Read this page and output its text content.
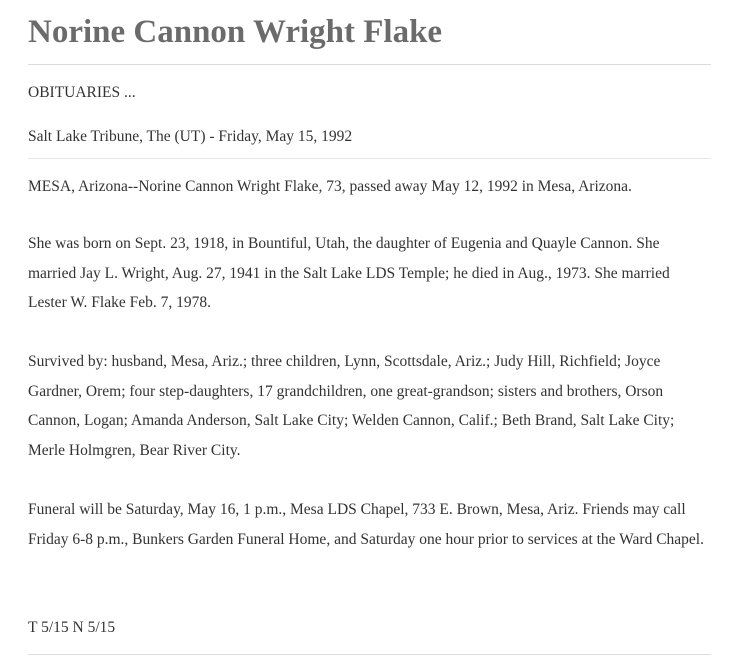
Norine Cannon Wright Flake
OBITUARIES ...
Salt Lake Tribune, The (UT) - Friday, May 15, 1992

MESA, Arizona--Norine Cannon Wright Flake, 73, passed away May 12, 1992 in Mesa, Arizona.

She was born on Sept. 23, 1918, in Bountiful, Utah, the daughter of Eugenia and Quayle Cannon. She married Jay L. Wright, Aug. 27, 1941 in the Salt Lake LDS Temple; he died in Aug., 1973. She married Lester W. Flake Feb. 7, 1978.

Survived by: husband, Mesa, Ariz.; three children, Lynn, Scottsdale, Ariz.; Judy Hill, Richfield; Joyce Gardner, Orem; four step-daughters, 17 grandchildren, one great-grandson; sisters and brothers, Orson Cannon, Logan; Amanda Anderson, Salt Lake City; Welden Cannon, Calif.; Beth Brand, Salt Lake City; Merle Holmgren, Bear River City.

Funeral will be Saturday, May 16, 1 p.m., Mesa LDS Chapel, 733 E. Brown, Mesa, Ariz. Friends may call Friday 6-8 p.m., Bunkers Garden Funeral Home, and Saturday one hour prior to services at the Ward Chapel.

T 5/15 N 5/15
